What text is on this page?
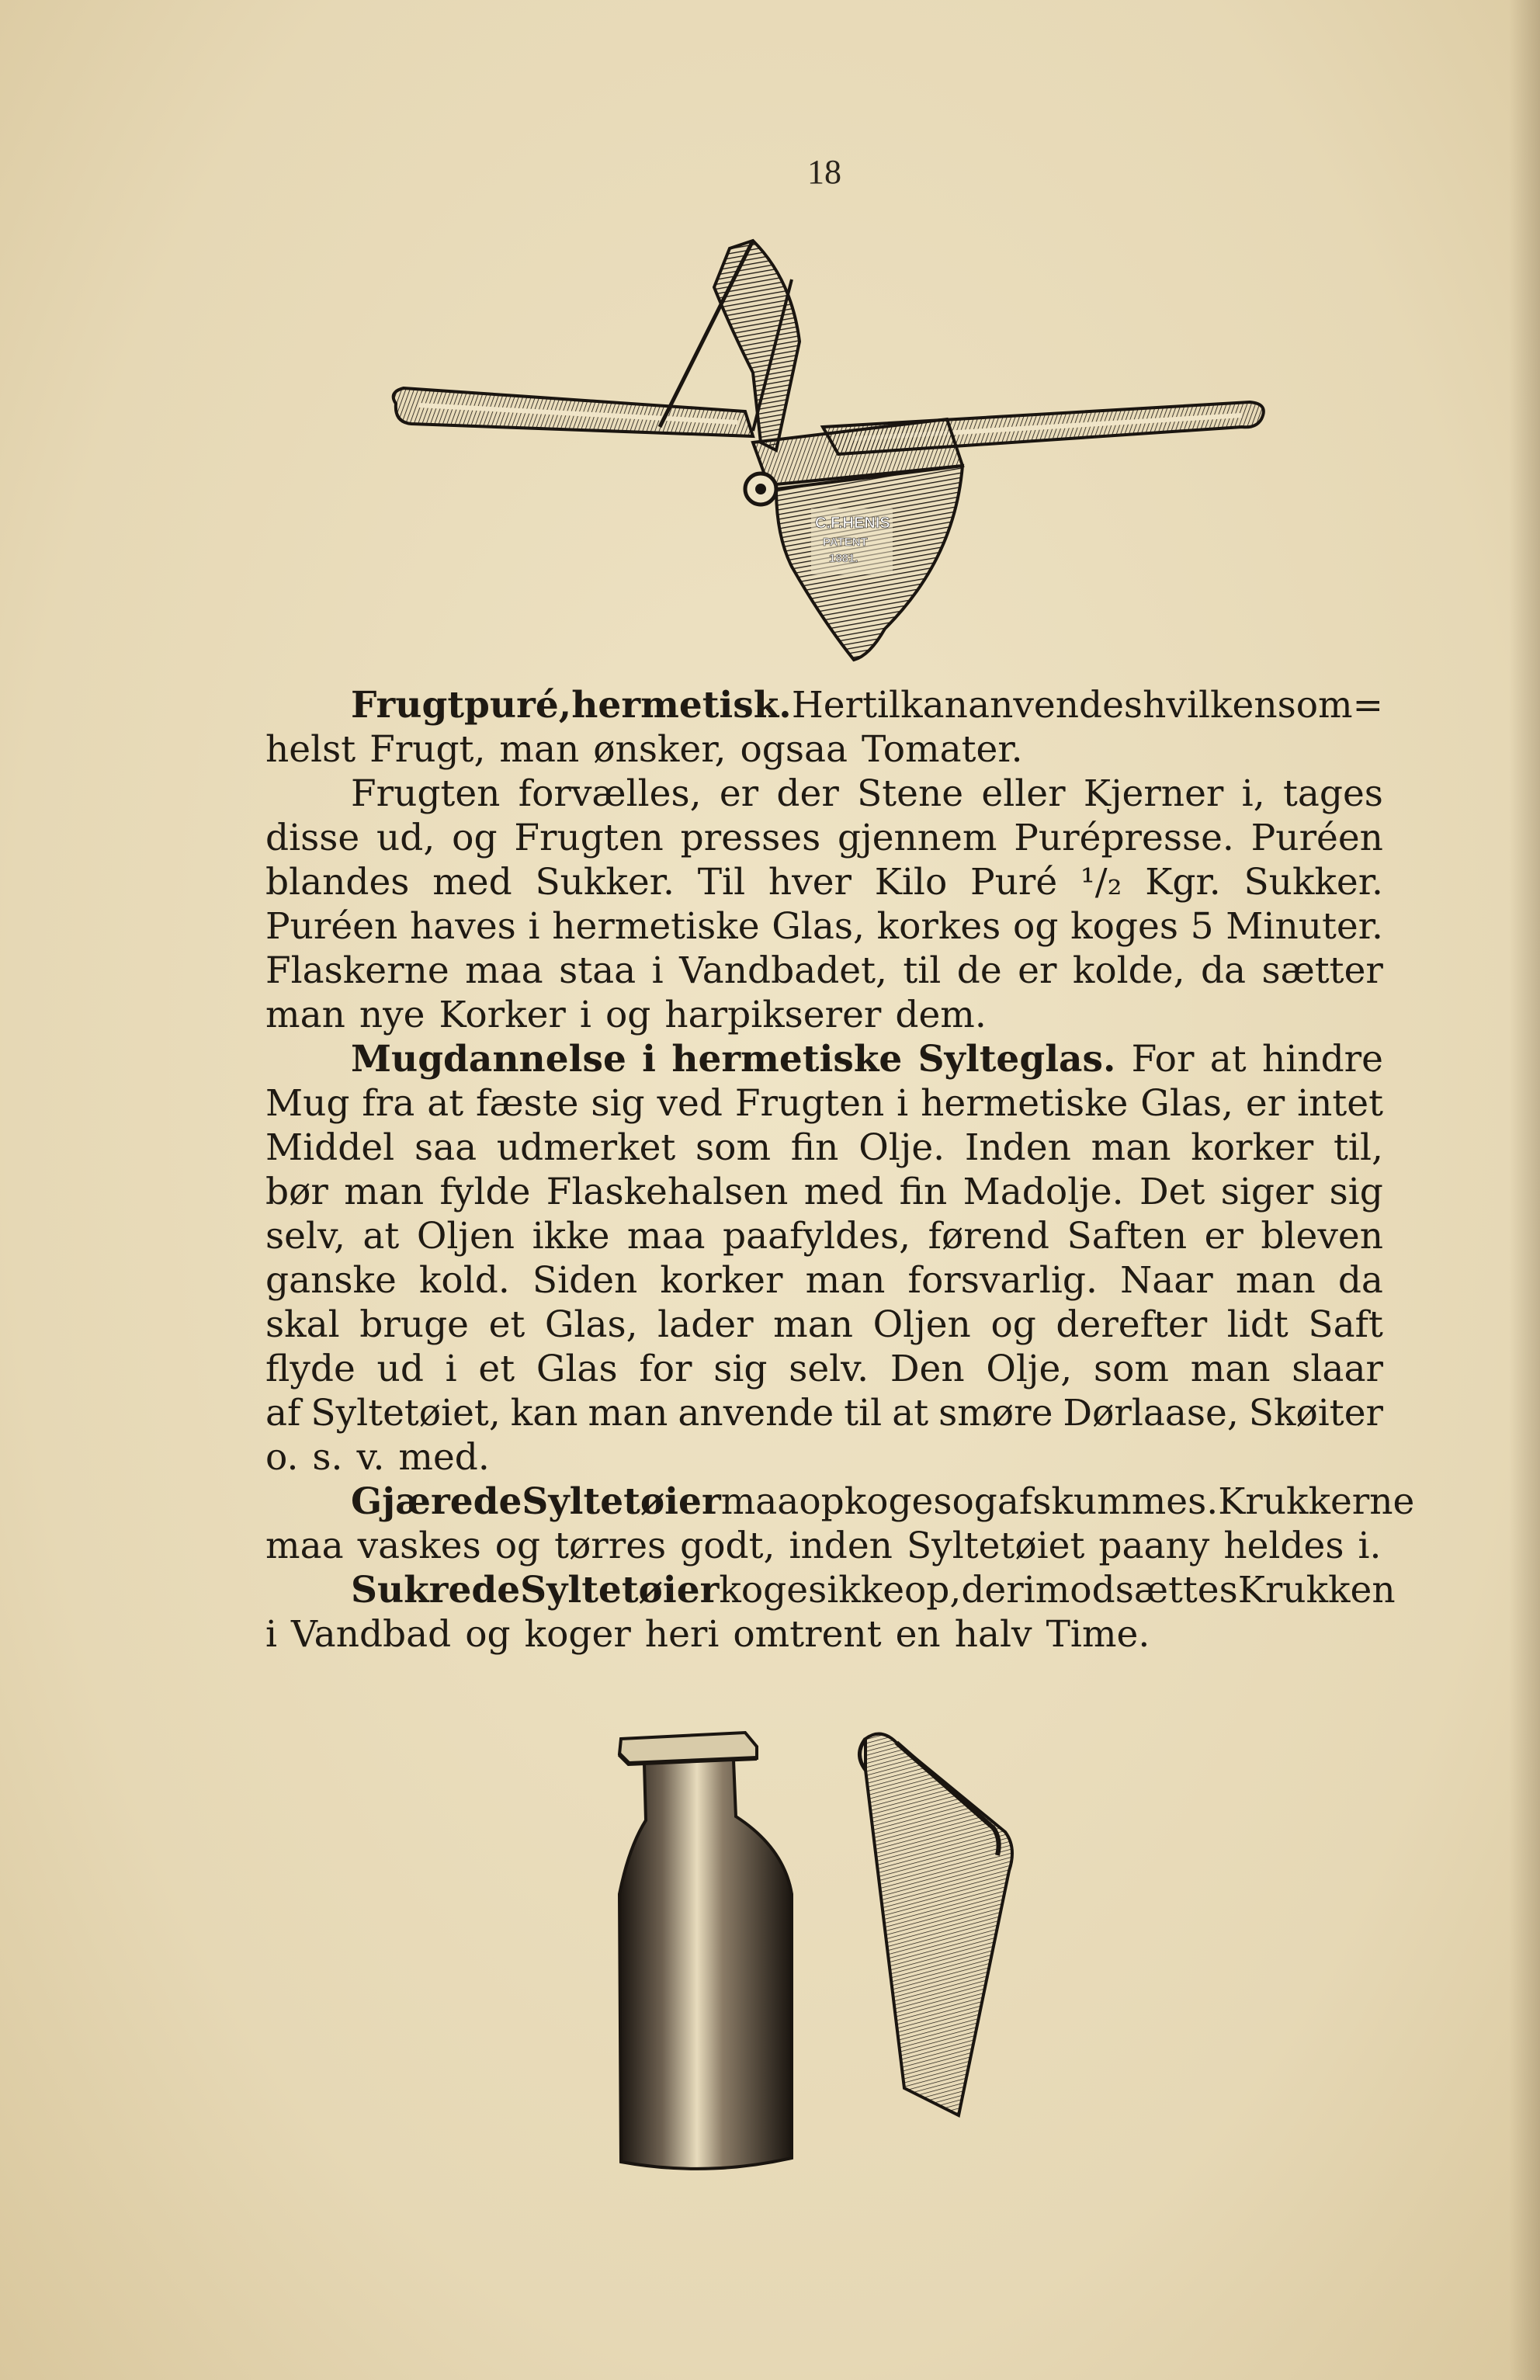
18
C.F.HENIS
PATENT
1881.
Frugtpuré, hermetisk. Hertil kan anvendes hvilkensom=
helst Frugt, man ønsker, ogsaa Tomater.
Frugten forvælles, er der Stene eller Kjerner i, tages
disse ud, og Frugten presses gjennem Purépresse. Puréen
blandes med Sukker. Til hver Kilo Puré ¹/₂ Kgr. Sukker.
Puréen haves i hermetiske Glas, korkes og koges 5 Minuter.
Flaskerne maa staa i Vandbadet, til de er kolde, da sætter
man nye Korker i og harpikserer dem.
Mugdannelse i hermetiske Sylteglas. For at hindre
Mug fra at fæste sig ved Frugten i hermetiske Glas, er intet
Middel saa udmerket som fin Olje. Inden man korker til,
bør man fylde Flaskehalsen med fin Madolje. Det siger sig
selv, at Oljen ikke maa paafyldes, førend Saften er bleven
ganske kold. Siden korker man forsvarlig. Naar man da
skal bruge et Glas, lader man Oljen og derefter lidt Saft
flyde ud i et Glas for sig selv. Den Olje, som man slaar
af Syltetøiet, kan man anvende til at smøre Dørlaase, Skøiter
o. s. v. med.
Gjærede Syltetøier maa opkoges og afskummes. Krukkerne
maa vaskes og tørres godt, inden Syltetøiet paany heldes i.
Sukrede Syltetøier koges ikke op, derimod sættes Krukken
i Vandbad og koger heri omtrent en halv Time.
